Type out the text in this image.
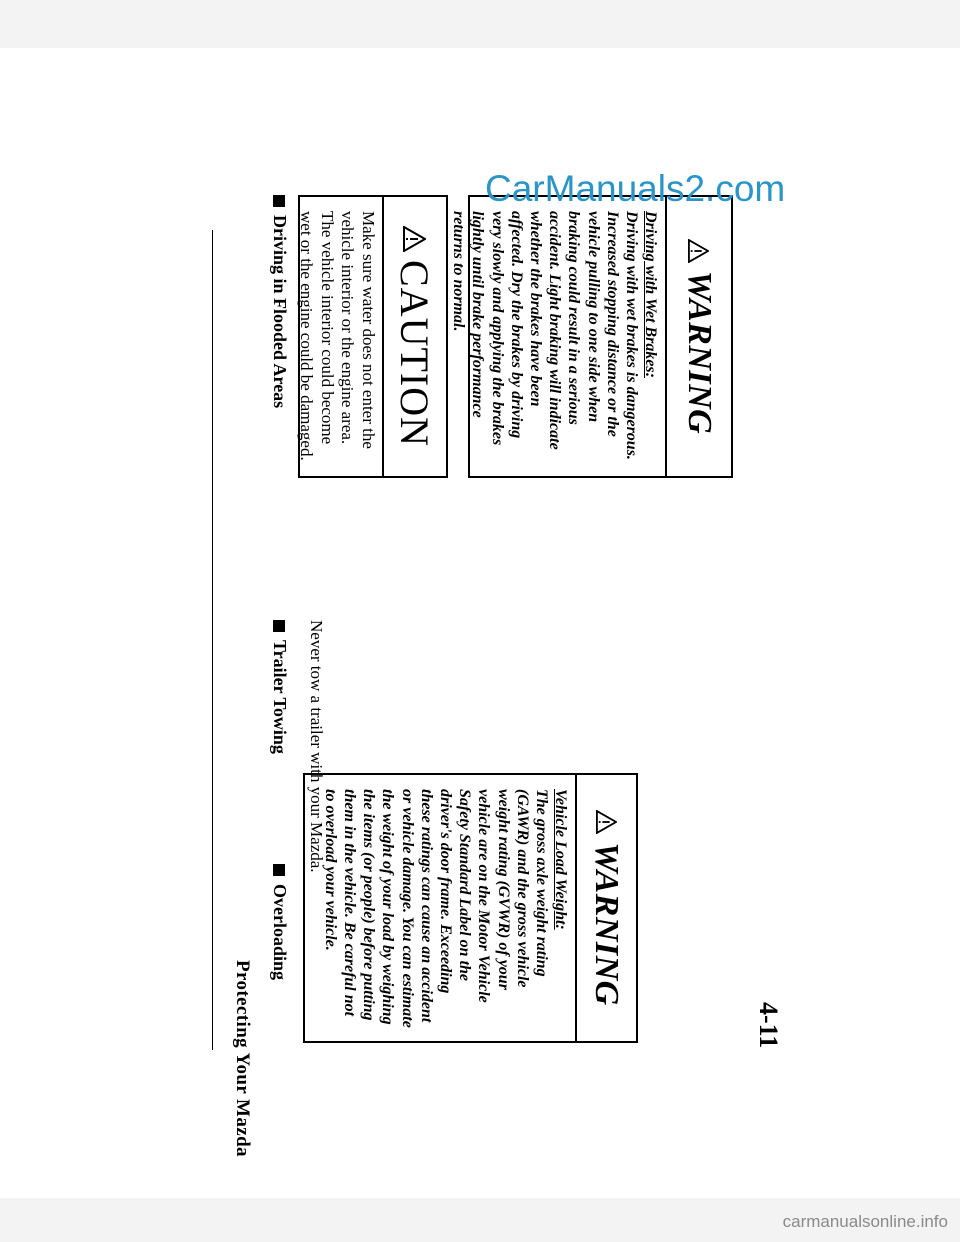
Protecting Your Mazda	4-11
Driving in Flooded Areas	CAUTION
Make sure water does not enter the vehicle interior or the engine area. The vehicle interior could become wet or the engine could be damaged.	WARNING
Driving with Wet Brakes:
Driving with wet brakes is dangerous. Increased stopping distance or the vehicle pulling to one side when braking could result in a serious accident. Light braking will indicate whether the brakes have been affected. Dry the brakes by driving very slowly and applying the brakes lightly until brake performance returns to normal.
Trailer Towing Never tow a trailer with your Mazda.
Overloading	WARNING
Vehicle Load Weight:
The gross axle weight rating (GAWR) and the gross vehicle weight rating (GVWR) of your vehicle are on the Motor Vehicle Safety Standard Label on the driver's door frame. Exceeding these ratings can cause an accident or vehicle damage. You can estimate the weight of your load by weighing the items (or people) before putting them in the vehicle. Be careful not to overload your vehicle.
CarManuals2.com
carmanualsonline.info
